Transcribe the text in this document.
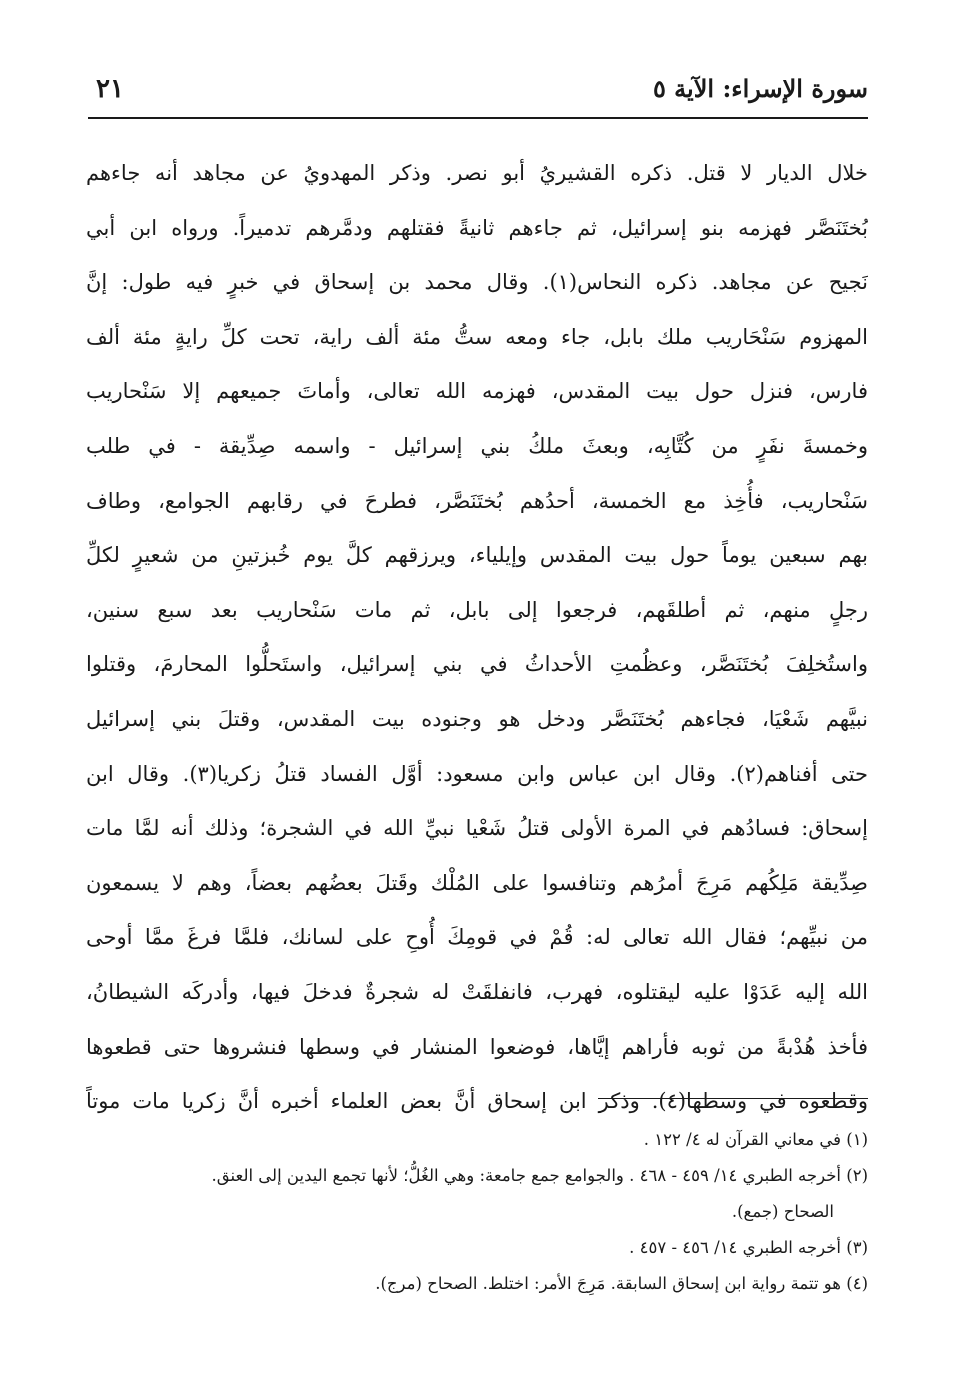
سورة الإسراء: الآية ٥
٢١
خلال الديار لا قتل. ذكره القشيريُ أبو نصر. وذكر المهدويُ عن مجاهد أنه جاءهم
بُختَنَصَّر فهزمه بنو إسرائيل، ثم جاءهم ثانيةً فقتلهم ودمَّرهم تدميراً. ورواه ابن أبي
نَجيح عن مجاهد. ذكره النحاس(١). وقال محمد بن إسحاق في خبرٍ فيه طول: إنَّ
المهزوم سَنْحَاريب ملك بابل، جاء ومعه ستُّ مئة ألف راية، تحت كلِّ رايةٍ مئة ألف
فارس، فنزل حول بيت المقدس، فهزمه الله تعالى، وأماتَ جميعهم إلا سَنْحاريب
وخمسةَ نفَرٍ من كُتَّابِه، وبعثَ ملكُ بني إسرائيل - واسمه صِدِّيقة - في طلب
سَنْحاريب، فأُخِذ مع الخمسة، أحدُهم بُختَنَصَّر، فطرحَ في رقابهم الجوامع، وطاف
بهم سبعين يوماً حول بيت المقدس وإيلياء، ويرزقهم كلَّ يوم خُبزتينِ من شعيرٍ لكلِّ
رجلٍ منهم، ثم أطلقَهم، فرجعوا إلى بابل، ثم مات سَنْحاريب بعد سبع سنين،
واستُخلِفَ بُختَنَصَّر، وعظُمتِ الأحداثُ في بني إسرائيل، واستَحلُّوا المحارمَ، وقتلوا
نبيَّهم شَعْيَا، فجاءهم بُختَنَصَّر ودخل هو وجنوده بيت المقدس، وقتلَ بني إسرائيل
حتى أفناهم(٢). وقال ابن عباس وابن مسعود: أوَّل الفساد قتلُ زكريا(٣). وقال ابن
إسحاق: فسادُهم في المرة الأولى قتلُ شَعْيا نبيِّ الله في الشجرة؛ وذلك أنه لمَّا مات
صِدِّيقة مَلِكُهم مَرِجَ أمرُهم وتنافسوا على المُلْك وقَتلَ بعضُهم بعضاً، وهم لا يسمعون
من نبيِّهم؛ فقال الله تعالى له: قُمْ في قومِكَ أُوحِ على لسانك، فلمَّا فرغَ ممَّا أوحى
الله إليه عَدَوْا عليه ليقتلوه، فهرب، فانفلقَتْ له شجرةٌ فدخلَ فيها، وأدركَه الشيطانُ،
فأخذ هُدْبةً من ثوبه فأراهم إيَّاها، فوضعوا المنشار في وسطها فنشروها حتى قطعوها
وقطعوه في وسطها(٤). وذكر ابن إسحاق أنَّ بعض العلماء أخبره أنَّ زكريا مات موتاً
(١) في معاني القرآن له ٤/ ١٢٢ .
(٢) أخرجه الطبري ١٤/ ٤٥٩ - ٤٦٨ . والجوامع جمع جامعة: وهي الغُلُّ؛ لأنها تجمع اليدين إلى العنق.
الصحاح (جمع).
(٣) أخرجه الطبري ١٤/ ٤٥٦ - ٤٥٧ .
(٤) هو تتمة رواية ابن إسحاق السابقة. مَرِجَ الأمر: اختلط. الصحاح (مرج).
